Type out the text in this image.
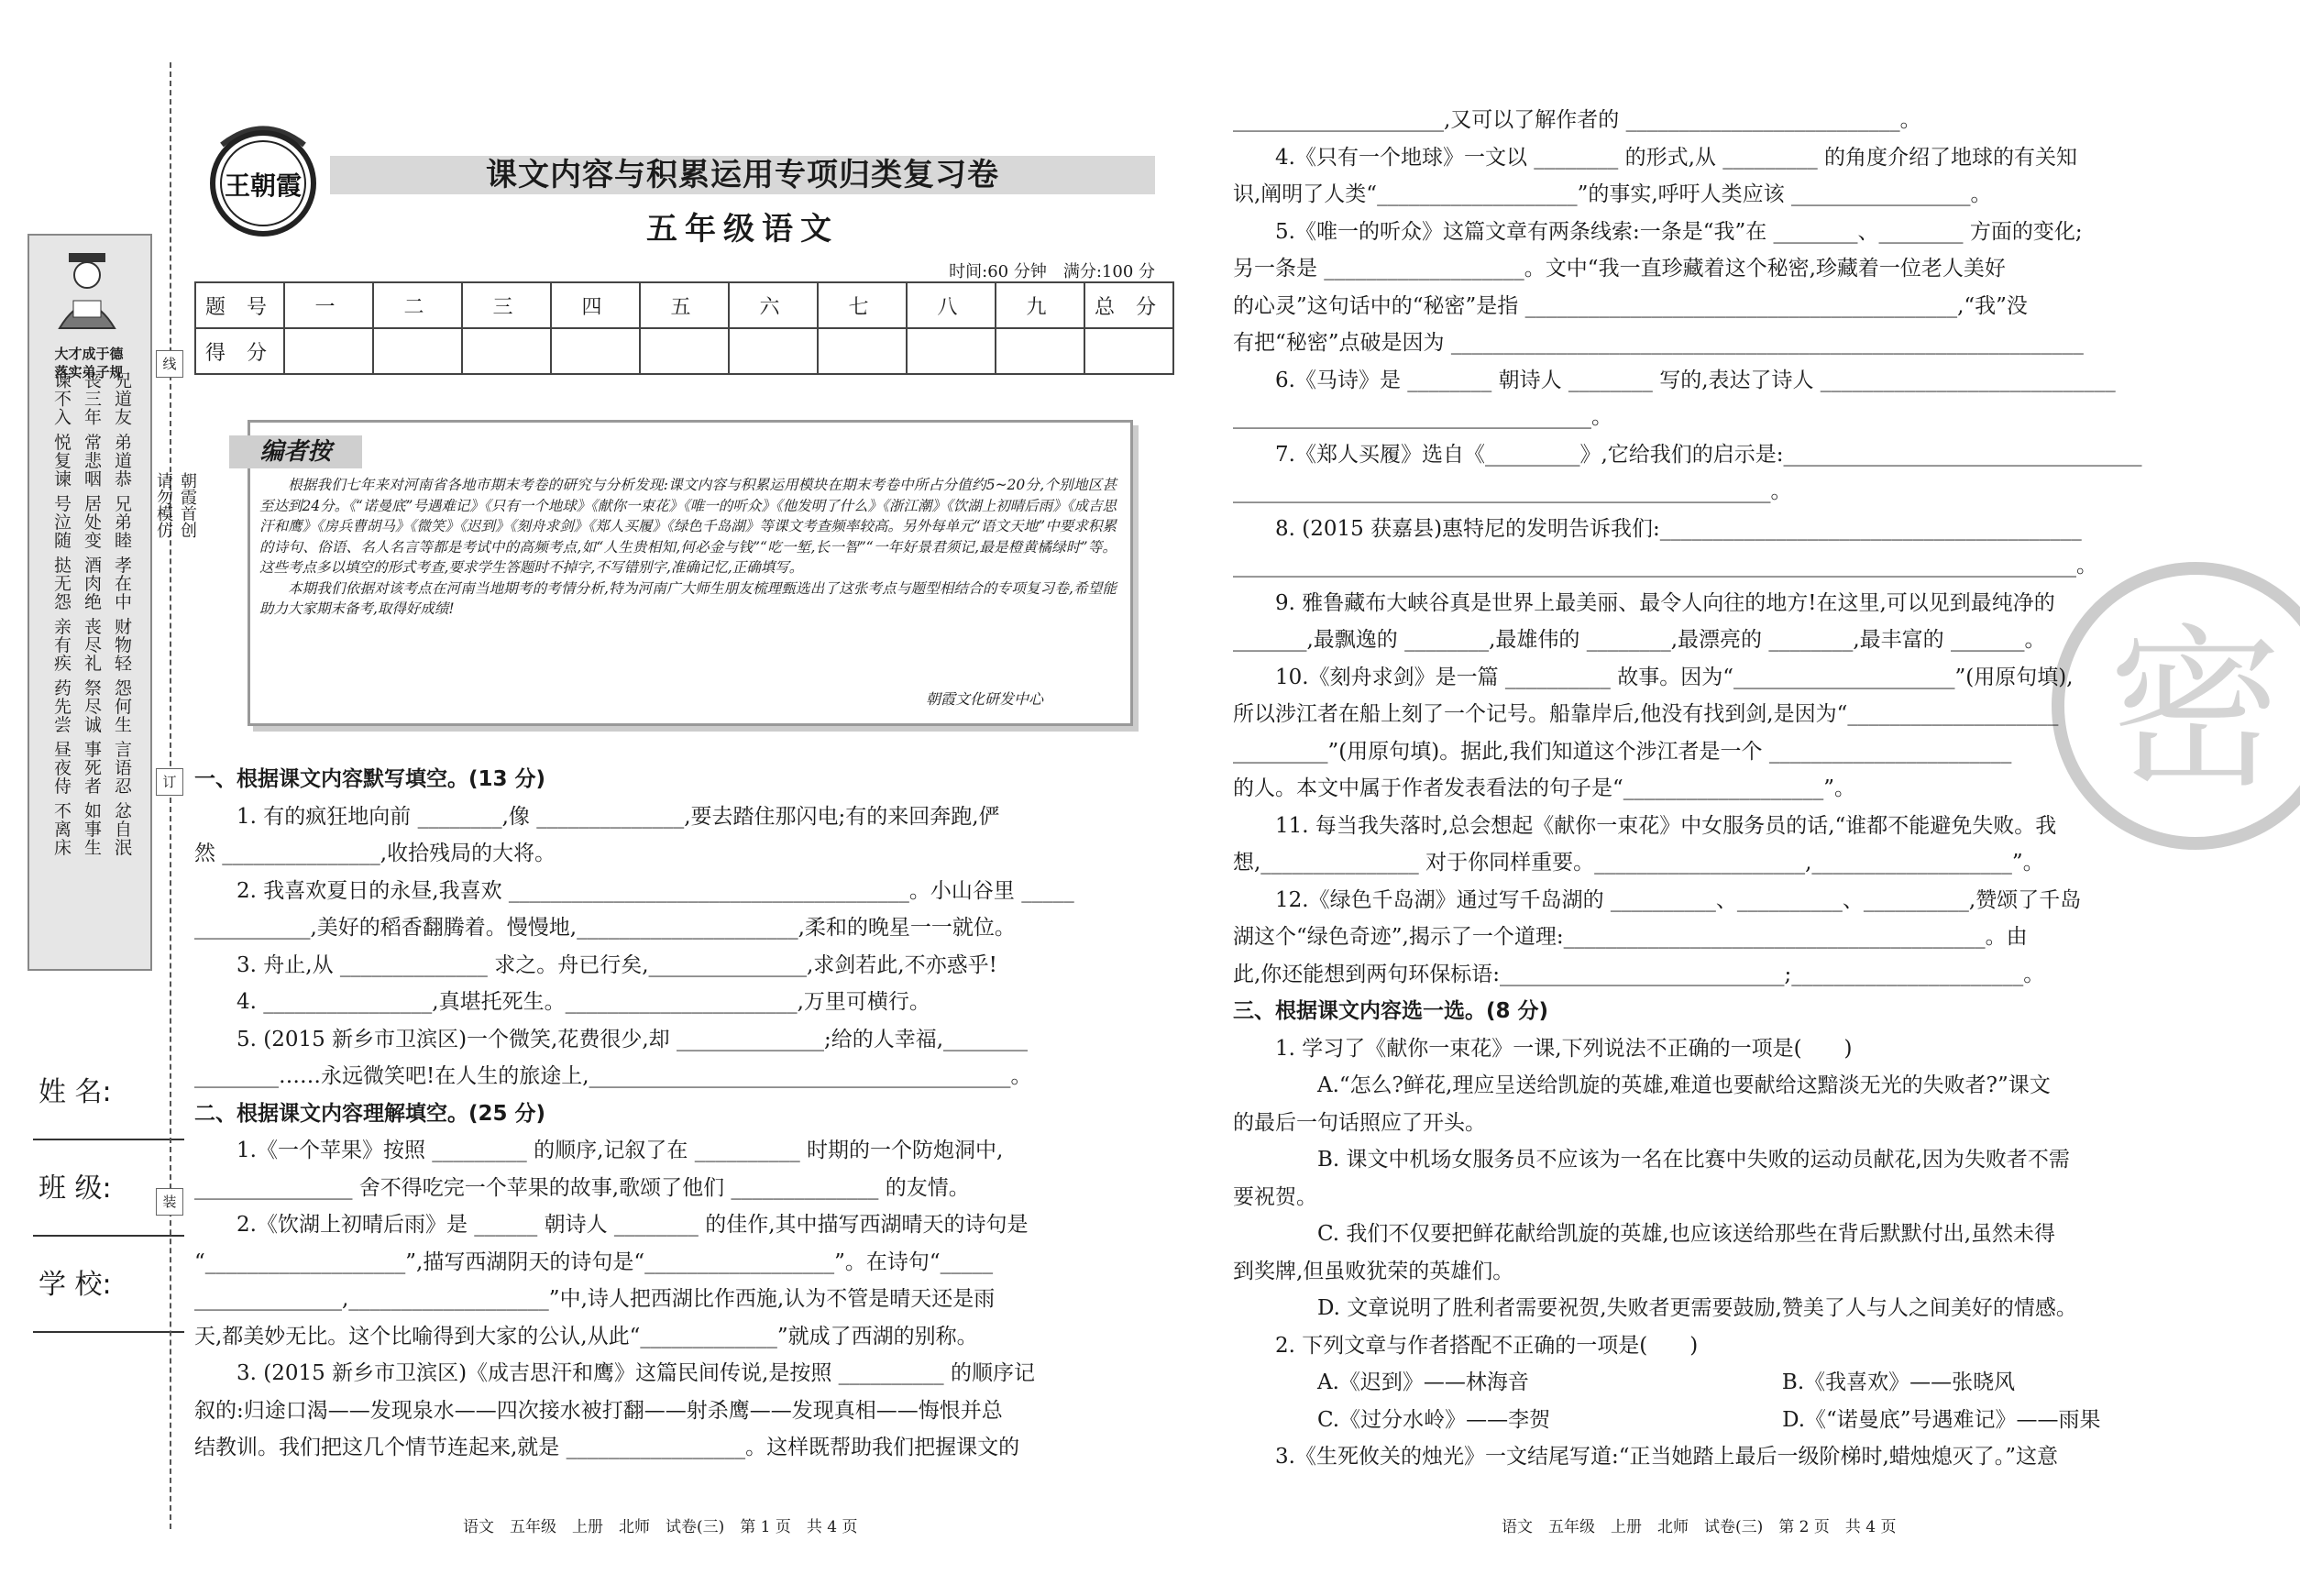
大才成于德
落实弟子规
兄道友 弟道恭 兄弟睦 孝在中 财物轻 怨何生 言语忍 忿自泯
丧三年 常悲咽 居处变 酒肉绝 丧尽礼 祭尽诚 事死者 如事生
谏不入 悦复谏 号泣随 挞无怨 亲有疾 药先尝 昼夜侍 不离床
姓 名:
班 级:
学 校:
线
订
装
朝霞首创
请勿模仿
王朝霞	课文内容与积累运用专项归类复习卷
五年级语文
时间:60 分钟　满分:100 分
题 号	一	二	三	四	五	六	七	八	九	总 分
得 分										
编者按

根据我们七年来对河南省各地市期末考卷的研究与分析发现:课文内容与积累运用模块在期末考卷中所占分值约5~20分,个别地区甚至达到24分。《“诺曼底”号遇难记》《只有一个地球》《献你一束花》《唯一的听众》《他发明了什么》《浙江潮》《饮湖上初晴后雨》《成吉思汗和鹰》《房兵曹胡马》《微笑》《迟到》《刻舟求剑》《郑人买履》《绿色千岛湖》等课文考查频率较高。另外每单元“语文天地”中要求积累的诗句、俗语、名人名言等都是考试中的高频考点,如“人生贵相知,何必金与钱”“吃一堑,长一智”“一年好景君须记,最是橙黄橘绿时”等。这些考点多以填空的形式考查,要求学生答题时不掉字,不写错别字,准确记忆,正确填写。

本期我们依据对该考点在河南当地期考的考情分析,特为河南广大师生朋友梳理甄选出了这张考点与题型相结合的专项复习卷,希望能助力大家期末备考,取得好成绩!

朝霞文化研发中心
一、根据课文内容默写填空。(13 分)
1. 有的疯狂地向前 ________,像 ______________,要去踏住那闪电;有的来回奔跑,俨
然 _______________,收拾残局的大将。
2. 我喜欢夏日的永昼,我喜欢 ______________________________________。小山谷里 _____
___________,美好的稻香翻腾着。慢慢地,_____________________,柔和的晚星一一就位。
3. 舟止,从 ______________ 求之。舟已行矣,_______________,求剑若此,不亦惑乎!
4. ________________,真堪托死生。______________________,万里可横行。
5. (2015 新乡市卫滨区)一个微笑,花费很少,却 ______________;给的人幸福,________
________……永远微笑吧!在人生的旅途上,________________________________________。
二、根据课文内容理解填空。(25 分)
1.《一个苹果》按照 _________ 的顺序,记叙了在 __________ 时期的一个防炮洞中,
_______________ 舍不得吃完一个苹果的故事,歌颂了他们 ______________ 的友情。
2.《饮湖上初晴后雨》是 ______ 朝诗人 ________ 的佳作,其中描写西湖晴天的诗句是
“___________________”,描写西湖阴天的诗句是“__________________”。在诗句“_____
______________,___________________”中,诗人把西湖比作西施,认为不管是晴天还是雨
天,都美妙无比。这个比喻得到大家的公认,从此“_____________”就成了西湖的别称。
3. (2015 新乡市卫滨区)《成吉思汗和鹰》这篇民间传说,是按照 __________ 的顺序记
叙的:归途口渴——发现泉水——四次接水被打翻——射杀鹰——发现真相——悔恨并总
结教训。我们把这几个情节连起来,就是 _________________。这样既帮助我们把握课文的
密
____________________,又可以了解作者的 __________________________。
4.《只有一个地球》一文以 ________ 的形式,从 _________ 的角度介绍了地球的有关知
识,阐明了人类“___________________”的事实,呼吁人类应该 _________________。
5.《唯一的听众》这篇文章有两条线索:一条是“我”在 ________、________ 方面的变化;
另一条是 ___________________。文中“我一直珍藏着这个秘密,珍藏着一位老人美好
的心灵”这句话中的“秘密”是指 _________________________________________,“我”没
有把“秘密”点破是因为 ____________________________________________________________
6.《马诗》是 ________ 朝诗人 ________ 写的,表达了诗人 ____________________________
__________________________________。
7.《郑人买履》选自《_________》,它给我们的启示是:__________________________________
___________________________________________________。
8. (2015 获嘉县)惠特尼的发明告诉我们:________________________________________
________________________________________________________________________________。
9. 雅鲁藏布大峡谷真是世界上最美丽、最令人向往的地方!在这里,可以见到最纯净的
_______,最飘逸的 ________,最雄伟的 ________,最漂亮的 ________,最丰富的 _______。
10.《刻舟求剑》是一篇 __________ 故事。因为“_____________________”(用原句填),
所以涉江者在船上刻了一个记号。船靠岸后,他没有找到剑,是因为“____________________
_________”(用原句填)。据此,我们知道这个涉江者是一个 _______________________
的人。本文中属于作者发表看法的句子是“___________________”。
11. 每当我失落时,总会想起《献你一束花》中女服务员的话,“谁都不能避免失败。我
想,_______________ 对于你同样重要。____________________,___________________”。
12.《绿色千岛湖》通过写千岛湖的 __________、__________、__________,赞颂了千岛
湖这个“绿色奇迹”,揭示了一个道理:________________________________________。由
此,你还能想到两句环保标语:___________________________;______________________。
三、根据课文内容选一选。(8 分)
1. 学习了《献你一束花》一课,下列说法不正确的一项是(　　)
A.“怎么?鲜花,理应呈送给凯旋的英雄,难道也要献给这黯淡无光的失败者?”课文
的最后一句话照应了开头。
B. 课文中机场女服务员不应该为一名在比赛中失败的运动员献花,因为失败者不需
要祝贺。
C. 我们不仅要把鲜花献给凯旋的英雄,也应该送给那些在背后默默付出,虽然未得
到奖牌,但虽败犹荣的英雄们。
D. 文章说明了胜利者需要祝贺,失败者更需要鼓励,赞美了人与人之间美好的情感。
2. 下列文章与作者搭配不正确的一项是(　　)
A.《迟到》——林海音　　　　　　　　　　　　B.《我喜欢》——张晓风
C.《过分水岭》——李贺　　　　　　　　　　　D.《“诺曼底”号遇难记》——雨果
3.《生死攸关的烛光》一文结尾写道:“正当她踏上最后一级阶梯时,蜡烛熄灭了。”这意
语文　五年级　上册　北师　试卷(三)　第 1 页　共 4 页	语文　五年级　上册　北师　试卷(三)　第 2 页　共 4 页
